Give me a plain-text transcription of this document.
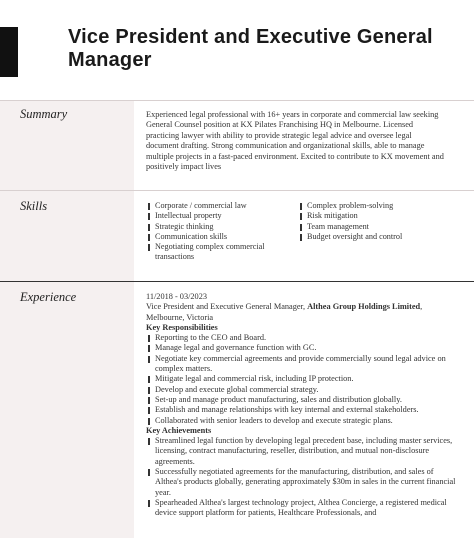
Vice President and Executive General Manager
Summary	Experienced legal professional with 16+ years in corporate and commercial law seeking General Counsel position at KX Pilates Franchising HQ in Melbourne. Licensed practicing lawyer with ability to provide strategic legal advice and oversee legal document drafting. Strong communication and organizational skills, able to manage multiple projects in a fast-paced environment. Excited to contribute to KX movement and positively impact lives
Skills	Corporate / commercial law
Intellectual property
Strategic thinking
Communication skills
Negotiating complex commercial transactions
Complex problem-solving
Risk mitigation
Team management
Budget oversight and control
Experience	11/2018 - 03/2023
Vice President and Executive General Manager, Althea Group Holdings Limited, Melbourne, Victoria
Key Responsibilities
Reporting to the CEO and Board.
Manage legal and governance function with GC.
Negotiate key commercial agreements and provide commercially sound legal advice on complex matters.
Mitigate legal and commercial risk, including IP protection.
Develop and execute global commercial strategy.
Set-up and manage product manufacturing, sales and distribution globally.
Establish and manage relationships with key internal and external stakeholders.
Collaborated with senior leaders to develop and execute strategic plans.
Key Achievements
Streamlined legal function by developing legal precedent base, including master services, licensing, contract manufacturing, reseller, distribution, and mutual non-disclosure agreements.
Successfully negotiated agreements for the manufacturing, distribution, and sales of Althea's products globally, generating approximately $30m in sales in the current financial year.
Spearheaded Althea's largest technology project, Althea Concierge, a registered medical device support platform for patients, Healthcare Professionals, and
